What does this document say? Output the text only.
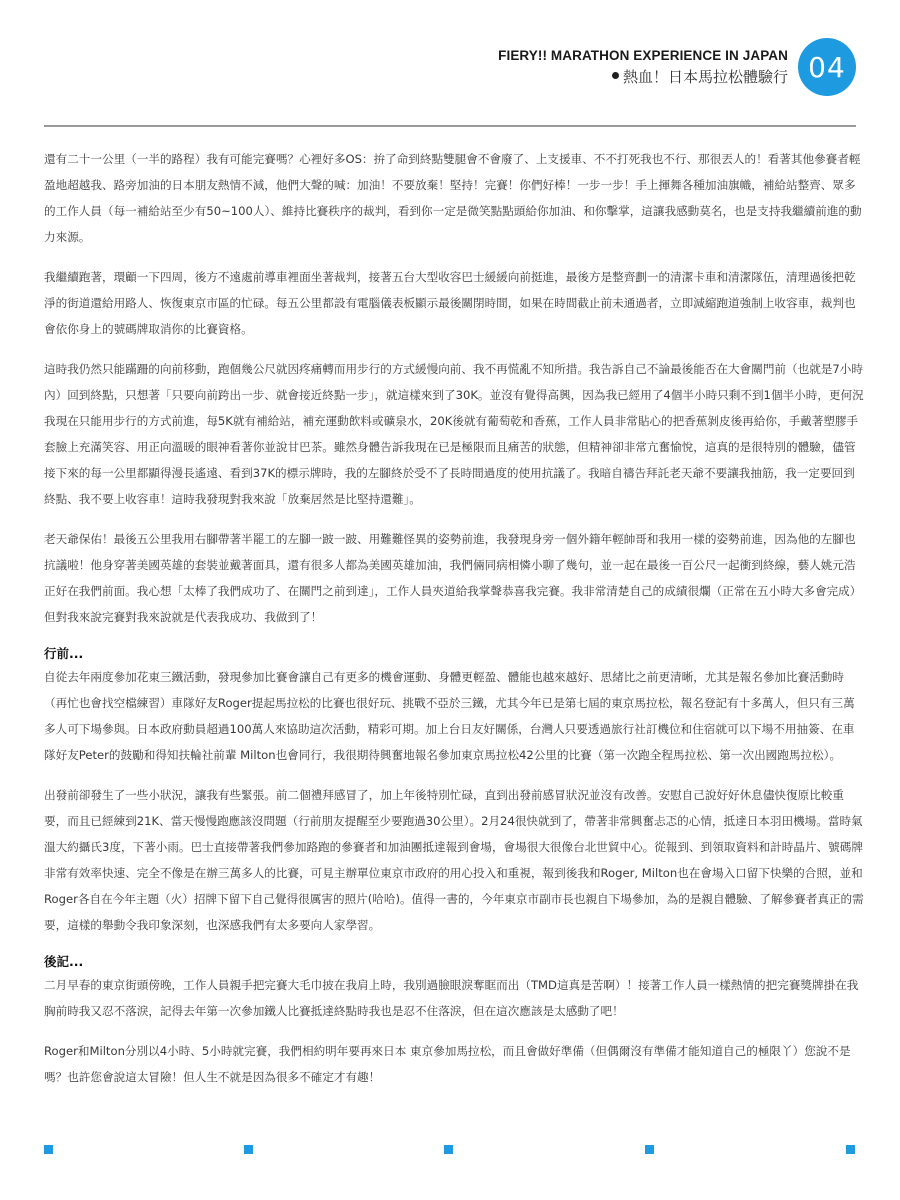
FIERY!! MARATHON EXPERIENCE IN JAPAN
熱血！日本馬拉松體驗行 04

還有二十一公里（一半的路程）我有可能完賽嗎？心裡好多OS：拚了命到終點雙腿會不會廢了、上支援車、不不打死我也不行、那很丟人的！看著其他參賽者輕盈地超越我、路旁加油的日本朋友熱情不減，他們大聲的喊：加油！不要放棄！堅持！完賽！你們好棒！一步一步！手上揮舞各種加油旗幟，補給站整齊、眾多的工作人員（每一補給站至少有50~100人）、維持比賽秩序的裁判，看到你一定是微笑點點頭給你加油、和你擊掌，這讓我感動莫名，也是支持我繼續前進的動力來源。

我繼續跑著，環顧一下四周，後方不遠處前導車裡面坐著裁判，接著五台大型收容巴士緩緩向前挺進，最後方是整齊劃一的清潔卡車和清潔隊伍，清理過後把乾淨的街道還給用路人、恢復東京市區的忙碌。每五公里都設有電腦儀表板顯示最後關閉時間，如果在時間截止前未通過者，立即減縮跑道強制上收容車，裁判也會依你身上的號碼牌取消你的比賽資格。

這時我仍然只能蹣跚的向前移動，跑個幾公尺就因疼痛轉而用步行的方式緩慢向前、我不再慌亂不知所措。我告訴自己不論最後能否在大會關門前（也就是7小時內）回到終點，只想著「只要向前跨出一步、就會接近終點一步」，就這樣來到了30K。並沒有覺得高興，因為我已經用了4個半小時只剩不到1個半小時，更何況我現在只能用步行的方式前進，每5K就有補給站，補充運動飲料或礦泉水，20K後就有葡萄乾和香蕉，工作人員非常貼心的把香蕉剝皮後再給你，手戴著塑膠手套臉上充滿笑容、用正向溫暖的眼神看著你並說甘巴茶。雖然身體告訴我現在已是極限而且痛苦的狀態，但精神卻非常亢奮愉悅，這真的是很特別的體驗，儘管接下來的每一公里都顯得漫長遙遠、看到37K的標示牌時，我的左腳終於受不了長時間過度的使用抗議了。我暗自禱告拜託老天爺不要讓我抽筋，我一定要回到終點、我不要上收容車！這時我發現對我來說「放棄居然是比堅持還難」。

老天爺保佑！最後五公里我用右腳帶著半罷工的左腳一跛一跛、用難難怪異的姿勢前進，我發現身旁一個外籍年輕帥哥和我用一樣的姿勢前進，因為他的左腳也抗議啦！他身穿著美國英雄的套裝並戴著面具，還有很多人都為美國英雄加油，我們倆同病相憐小聊了幾句，並一起在最後一百公尺一起衝到終線，藝人姚元浩正好在我們前面。我心想「太棒了我們成功了、在關門之前到達」，工作人員夾道給我掌聲恭喜我完賽。我非常清楚自己的成績很爛（正常在五小時大多會完成）但對我來說完賽對我來說就是代表我成功、我做到了！

行前...

自從去年兩度參加花東三鐵活動，發現參加比賽會讓自己有更多的機會運動、身體更輕盈、體能也越來越好、思緒比之前更清晰，尤其是報名參加比賽活動時（再忙也會找空檔練習）車隊好友Roger提起馬拉松的比賽也很好玩、挑戰不亞於三鐵，尤其今年已是第七屆的東京馬拉松，報名登記有十多萬人，但只有三萬多人可下場參與。日本政府動員超過100萬人來協助這次活動，精彩可期。加上台日友好關係，台灣人只要透過旅行社訂機位和住宿就可以下場不用抽簽、在車隊好友Peter的鼓勵和得知扶輪社前輩 Milton也會同行，我很期待興奮地報名參加東京馬拉松42公里的比賽（第一次跑全程馬拉松、第一次出國跑馬拉松）。

出發前卻發生了一些小狀況，讓我有些緊張。前二個禮拜感冒了，加上年後特別忙碌，直到出發前感冒狀況並沒有改善。安慰自己說好好休息儘快復原比較重要，而且已經練到21K、當天慢慢跑應該沒問題（行前朋友提醒至少要跑過30公里）。2月24很快就到了，帶著非常興奮忐忑的心情，抵達日本羽田機場。當時氣溫大約攝氏3度，下著小雨。巴士直接帶著我們參加路跑的參賽者和加油團抵達報到會場，會場很大很像台北世貿中心。從報到、到領取資料和計時晶片、號碼牌非常有效率快速、完全不像是在辦三萬多人的比賽，可見主辦單位東京市政府的用心投入和重視，報到後我和Roger, Milton也在會場入口留下快樂的合照，並和Roger各自在今年主題（火）招牌下留下自己覺得很厲害的照片(哈哈)。值得一書的，今年東京市副市長也親自下場參加，為的是親自體驗、了解參賽者真正的需要，這樣的舉動令我印象深刻，也深感我們有太多要向人家學習。

後記...

二月早春的東京街頭傍晚，工作人員親手把完賽大毛巾披在我肩上時，我別過臉眼淚奪眶而出（TMD這真是苦啊）！接著工作人員一樣熱情的把完賽獎牌掛在我胸前時我又忍不落淚，記得去年第一次參加鐵人比賽抵達終點時我也是忍不住落淚，但在這次應該是太感動了吧！

Roger和Milton分別以4小時、5小時就完賽，我們相約明年要再來日本 東京參加馬拉松，而且會做好準備（但偶爾沒有準備才能知道自己的極限丫）您說不是嗎？也許您會說這太冒險！但人生不就是因為很多不確定才有趣！
